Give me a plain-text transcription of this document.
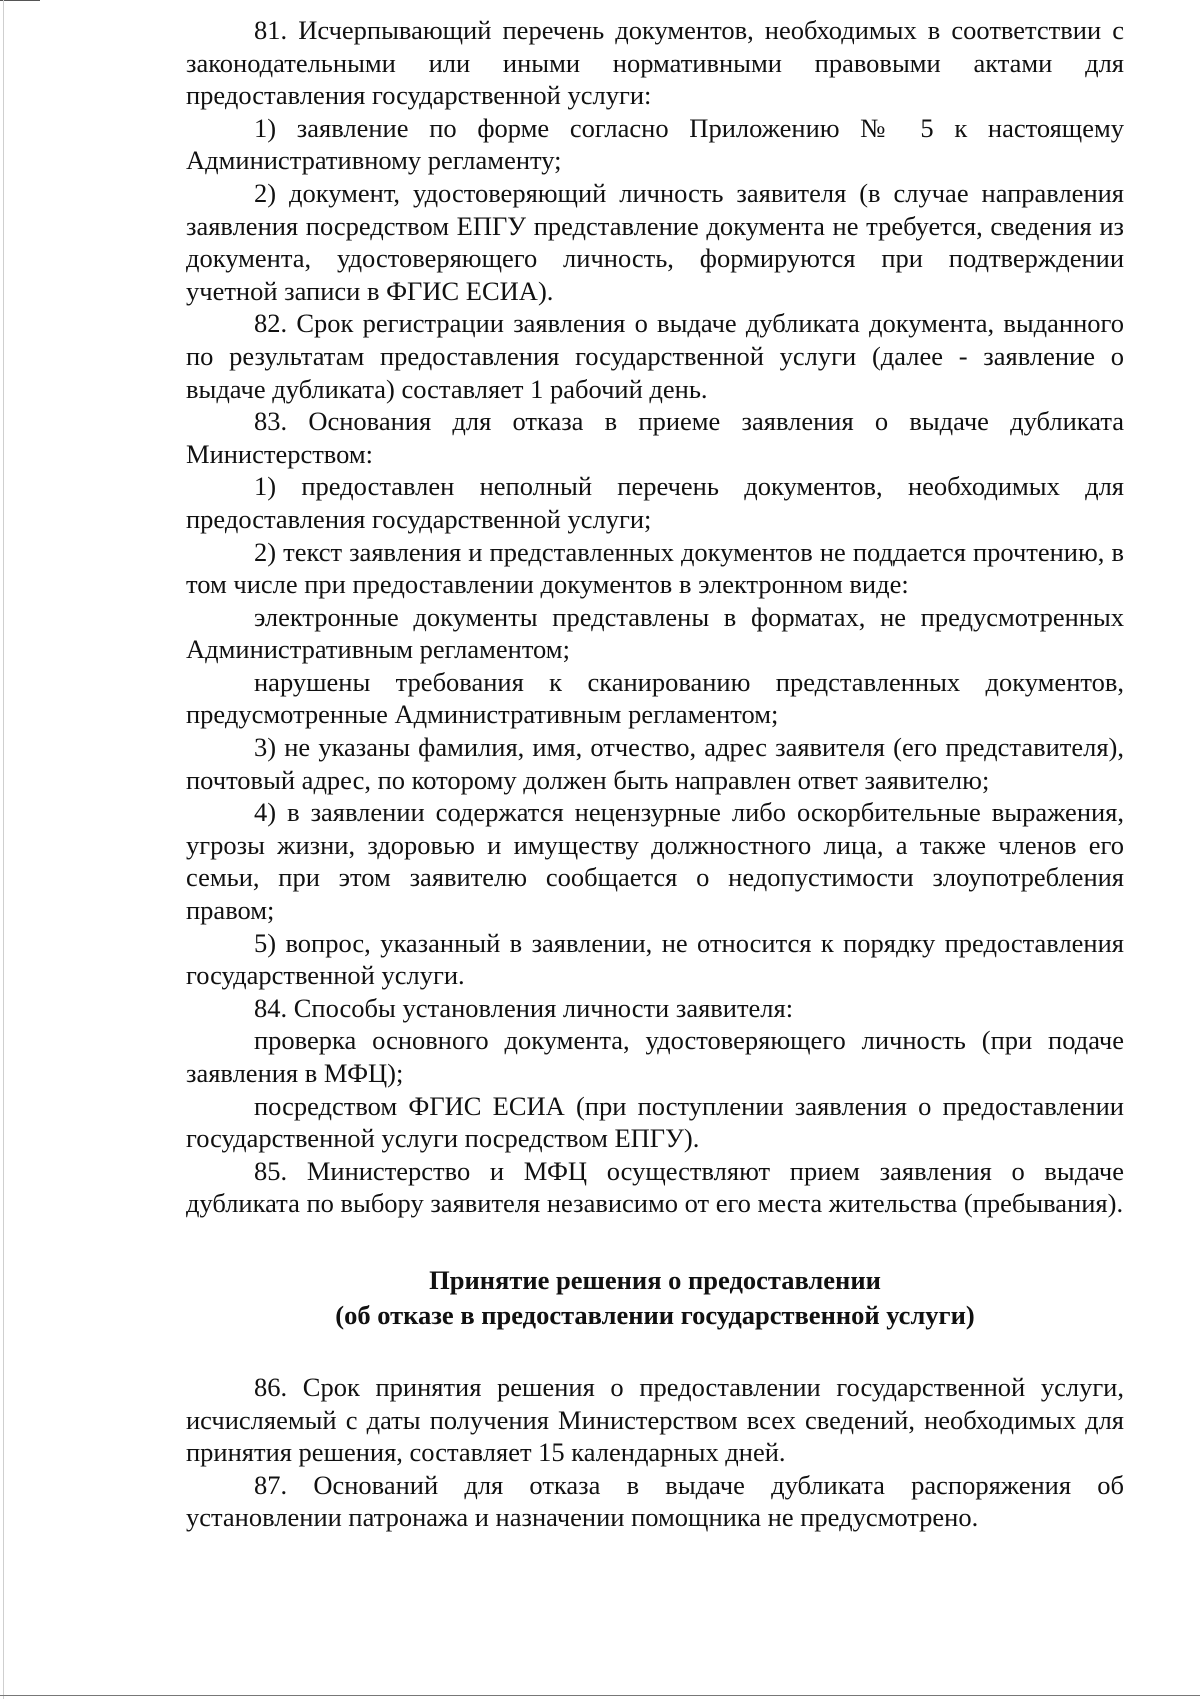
81. Исчерпывающий перечень документов, необходимых в соответствии с законодательными или иными нормативными правовыми актами для предоставления государственной услуги:

1) заявление по форме согласно Приложению № 5 к настоящему Административному регламенту;

2) документ, удостоверяющий личность заявителя (в случае направления заявления посредством ЕПГУ представление документа не требуется, сведения из документа, удостоверяющего личность, формируются при подтверждении учетной записи в ФГИС ЕСИА).

82. Срок регистрации заявления о выдаче дубликата документа, выданного по результатам предоставления государственной услуги (далее - заявление о выдаче дубликата) составляет 1 рабочий день.

83. Основания для отказа в приеме заявления о выдаче дубликата Министерством:

1) предоставлен неполный перечень документов, необходимых для предоставления государственной услуги;

2) текст заявления и представленных документов не поддается прочтению, в том числе при предоставлении документов в электронном виде:

электронные документы представлены в форматах, не предусмотренных Административным регламентом;

нарушены требования к сканированию представленных документов, предусмотренные Административным регламентом;

3) не указаны фамилия, имя, отчество, адрес заявителя (его представителя), почтовый адрес, по которому должен быть направлен ответ заявителю;

4) в заявлении содержатся нецензурные либо оскорбительные выражения, угрозы жизни, здоровью и имуществу должностного лица, а также членов его семьи, при этом заявителю сообщается о недопустимости злоупотребления правом;

5) вопрос, указанный в заявлении, не относится к порядку предоставления государственной услуги.

84. Способы установления личности заявителя:

проверка основного документа, удостоверяющего личность (при подаче заявления в МФЦ);

посредством ФГИС ЕСИА (при поступлении заявления о предоставлении государственной услуги посредством ЕПГУ).

85. Министерство и МФЦ осуществляют прием заявления о выдаче дубликата по выбору заявителя независимо от его места жительства (пребывания).

Принятие решения о предоставлении
(об отказе в предоставлении государственной услуги)

86. Срок принятия решения о предоставлении государственной услуги, исчисляемый с даты получения Министерством всех сведений, необходимых для принятия решения, составляет 15 календарных дней.

87. Оснований для отказа в выдаче дубликата распоряжения об установлении патронажа и назначении помощника не предусмотрено.
